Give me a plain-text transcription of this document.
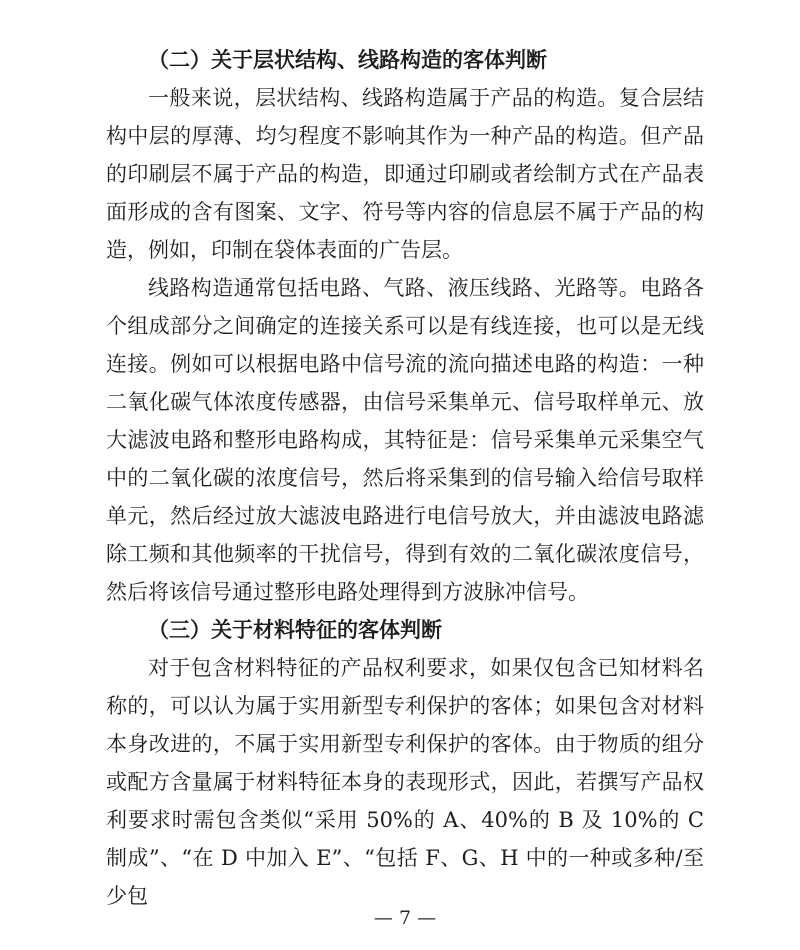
（二）关于层状结构、线路构造的客体判断

一般来说，层状结构、线路构造属于产品的构造。复合层结构中层的厚薄、均匀程度不影响其作为一种产品的构造。但产品的印刷层不属于产品的构造，即通过印刷或者绘制方式在产品表面形成的含有图案、文字、符号等内容的信息层不属于产品的构造，例如，印制在袋体表面的广告层。

线路构造通常包括电路、气路、液压线路、光路等。电路各个组成部分之间确定的连接关系可以是有线连接，也可以是无线连接。例如可以根据电路中信号流的流向描述电路的构造：一种二氧化碳气体浓度传感器，由信号采集单元、信号取样单元、放大滤波电路和整形电路构成，其特征是：信号采集单元采集空气中的二氧化碳的浓度信号，然后将采集到的信号输入给信号取样单元，然后经过放大滤波电路进行电信号放大，并由滤波电路滤除工频和其他频率的干扰信号，得到有效的二氧化碳浓度信号，然后将该信号通过整形电路处理得到方波脉冲信号。

（三）关于材料特征的客体判断

对于包含材料特征的产品权利要求，如果仅包含已知材料名称的，可以认为属于实用新型专利保护的客体；如果包含对材料本身改进的，不属于实用新型专利保护的客体。由于物质的组分或配方含量属于材料特征本身的表现形式，因此，若撰写产品权利要求时需包含类似“采用 50%的 A、40%的 B 及 10%的 C 制成”、“在 D 中加入 E”、“包括 F、G、H 中的一种或多种/至少包

— 7 —
